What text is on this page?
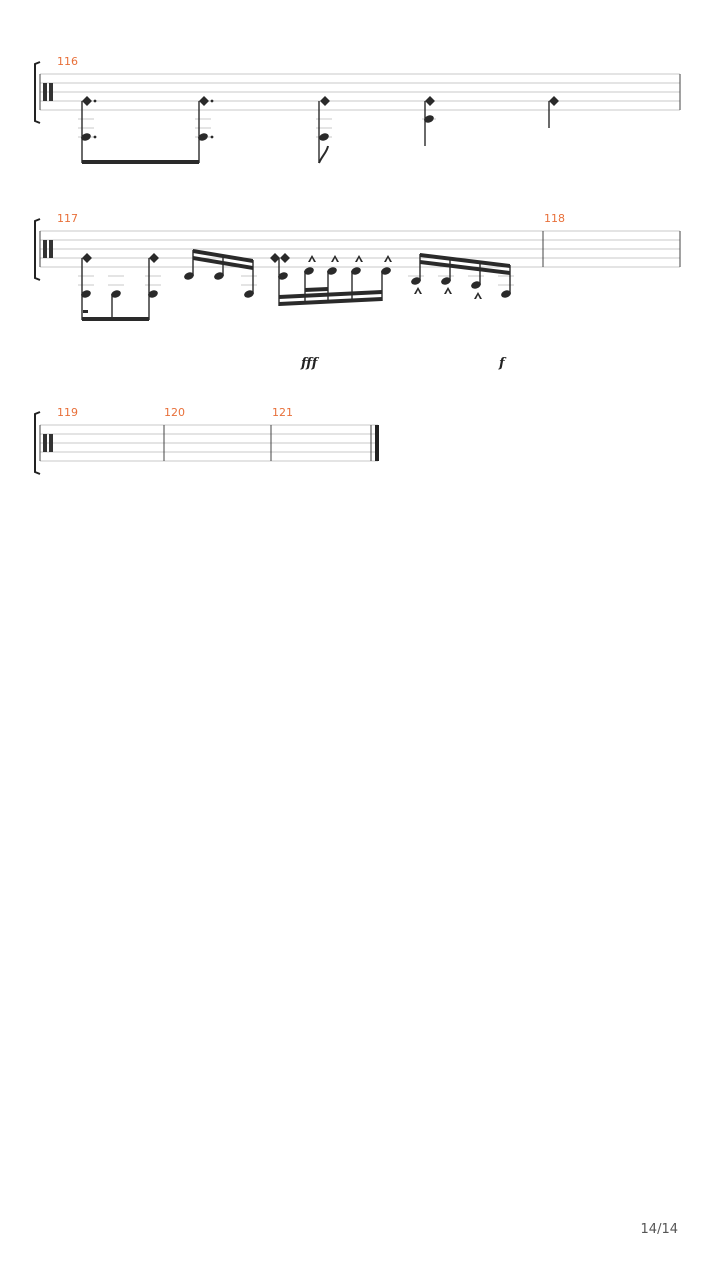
116
117	118
fff	f
119	120	121
14/14
